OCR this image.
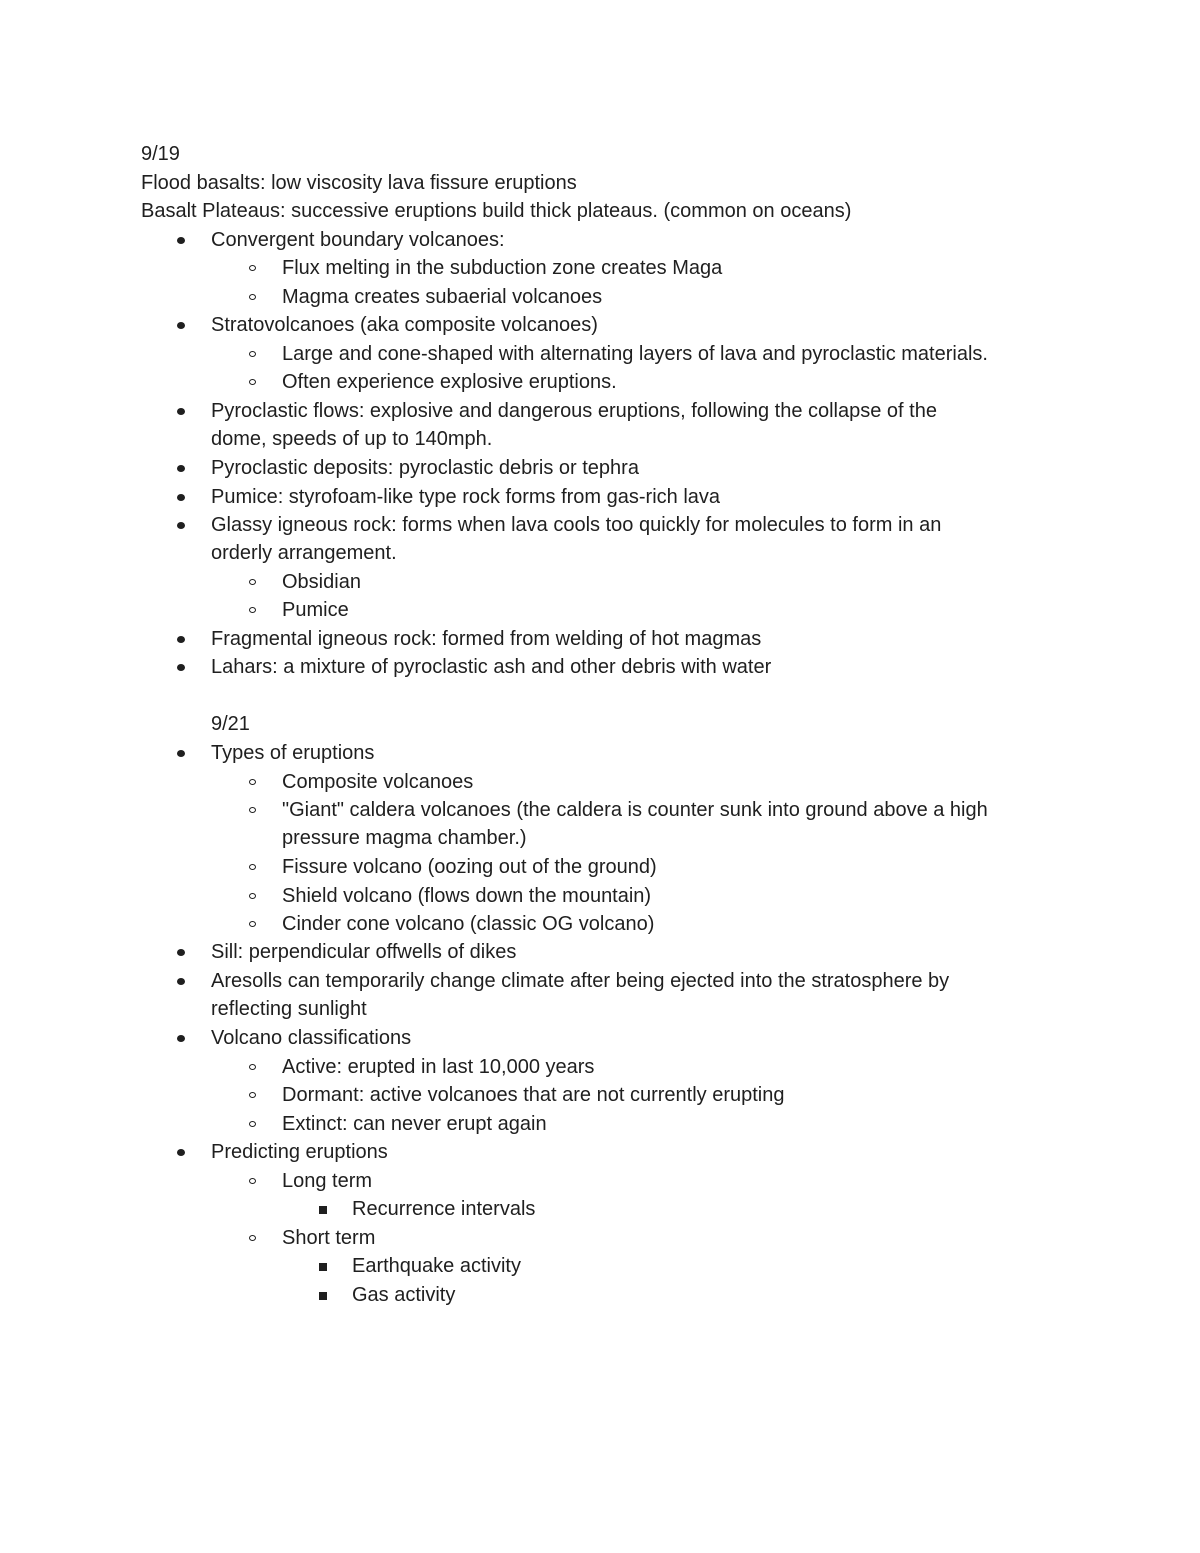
9/19
Flood basalts: low viscosity lava fissure eruptions
Basalt Plateaus: successive eruptions build thick plateaus. (common on oceans)
Convergent boundary volcanoes:
Flux melting in the subduction zone creates Maga
Magma creates subaerial volcanoes
Stratovolcanoes (aka composite volcanoes)
Large and cone-shaped with alternating layers of lava and pyroclastic materials.
Often experience explosive eruptions.
Pyroclastic flows: explosive and dangerous eruptions, following the collapse of the
dome, speeds of up to 140mph.
Pyroclastic deposits: pyroclastic debris or tephra
Pumice: styrofoam-like type rock forms from gas-rich lava
Glassy igneous rock: forms when lava cools too quickly for molecules to form in an
orderly arrangement.
Obsidian
Pumice
Fragmental igneous rock: formed from welding of hot magmas
Lahars: a mixture of pyroclastic ash and other debris with water
9/21
Types of eruptions
Composite volcanoes
"Giant" caldera volcanoes (the caldera is counter sunk into ground above a high
pressure magma chamber.)
Fissure volcano (oozing out of the ground)
Shield volcano (flows down the mountain)
Cinder cone volcano (classic OG volcano)
Sill: perpendicular offwells of dikes
Aresolls can temporarily change climate after being ejected into the stratosphere by
reflecting sunlight
Volcano classifications
Active: erupted in last 10,000 years
Dormant: active volcanoes that are not currently erupting
Extinct: can never erupt again
Predicting eruptions
Long term
Recurrence intervals
Short term
Earthquake activity
Gas activity
